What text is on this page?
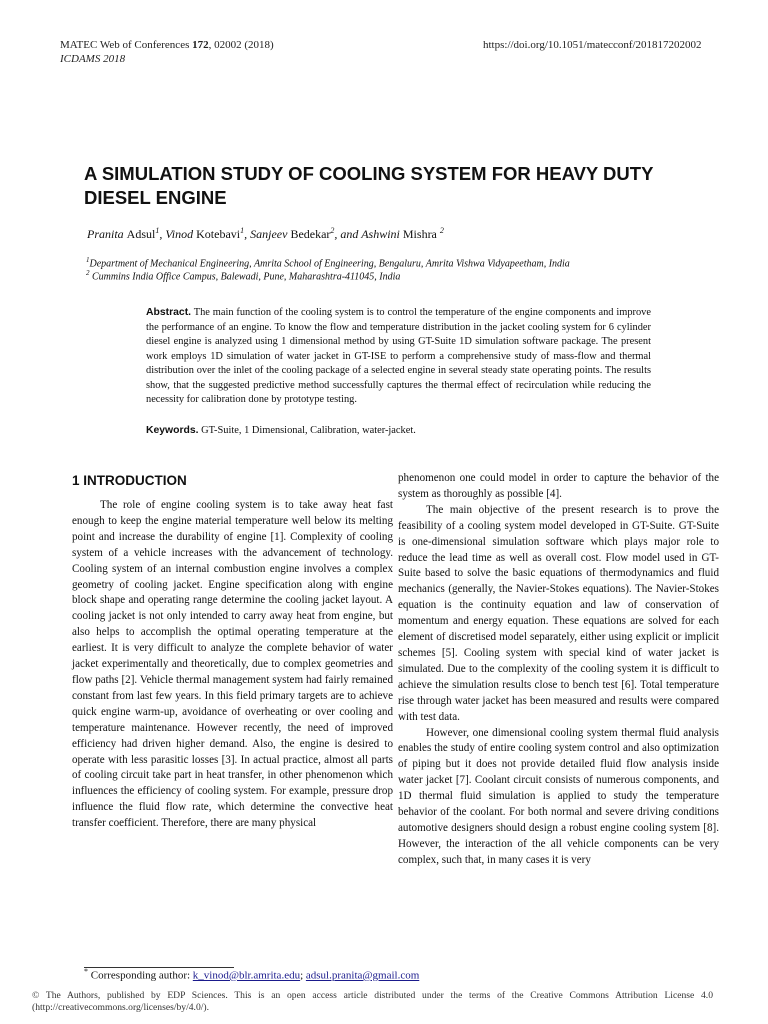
MATEC Web of Conferences 172, 02002 (2018)
ICDAMS 2018
https://doi.org/10.1051/matecconf/201817202002
A SIMULATION STUDY OF COOLING SYSTEM FOR HEAVY DUTY
DIESEL ENGINE
Pranita Adsul$^1$, Vinod Kotebavi$^1$, Sanjeev Bedekar$^2$, and Ashwini Mishra $^2$
$^1$Department of Mechanical Engineering, Amrita School of Engineering, Bengaluru, Amrita Vishwa Vidyapeetham, India
$^2$ Cummins India Office Campus, Balewadi, Pune, Maharashtra-411045, India
Abstract. The main function of the cooling system is to control the temperature of the engine components and improve the performance of an engine. To know the flow and temperature distribution in the jacket cooling system for 6 cylinder diesel engine is analyzed using 1 dimensional method by using GT-Suite 1D simulation software package. The present work employs 1D simulation of water jacket in GT-ISE to perform a comprehensive study of mass-flow and thermal distribution over the inlet of the cooling package of a selected engine in several steady state operating points. The results show, that the suggested predictive method successfully captures the thermal effect of recirculation while reducing the necessity for calibration done by prototype testing.
Keywords. GT-Suite, 1 Dimensional, Calibration, water-jacket.
1 INTRODUCTION

The role of engine cooling system is to take away heat fast enough to keep the engine material temperature well below its melting point and increase the durability of engine [1]. Complexity of cooling system of a vehicle increases with the advancement of technology. Cooling system of an internal combustion engine involves a complex geometry of cooling jacket. Engine specification along with engine block shape and operating range determine the cooling jacket layout. A cooling jacket is not only intended to carry away heat from engine, but also helps to accomplish the optimal operating temperature at the earliest. It is very difficult to analyze the complete behavior of water jacket experimentally and theoretically, due to complex geometries and flow paths [2]. Vehicle thermal management system had fairly remained constant from last few years. In this field primary targets are to achieve quick engine warm-up, avoidance of overheating or over cooling and temperature maintenance. However recently, the need of improved efficiency had driven higher demand. Also, the engine is desired to operate with less parasitic losses [3]. In actual practice, almost all parts of cooling circuit take part in heat transfer, in other phenomenon which influences the efficiency of cooling system. For example, pressure drop influence the fluid flow rate, which determine the convective heat transfer coefficient. Therefore, there are many physical

phenomenon one could model in order to capture the behavior of the system as thoroughly as possible [4].

The main objective of the present research is to prove the feasibility of a cooling system model developed in GT-Suite. GT-Suite is one-dimensional simulation software which plays major role to reduce the lead time as well as overall cost. Flow model used in GT-Suite based to solve the basic equations of thermodynamics and fluid mechanics (generally, the Navier-Stokes equations). The Navier-Stokes equation is the continuity equation and law of conservation of momentum and energy equation. These equations are solved for each element of discretised model separately, either using explicit or implicit schemes [5]. Cooling system with special kind of water jacket is simulated. Due to the complexity of the cooling system it is difficult to achieve the simulation results close to bench test [6]. Total temperature rise through water jacket has been measured and results were compared with test data.

However, one dimensional cooling system thermal fluid analysis enables the study of entire cooling system control and also optimization of piping but it does not provide detailed fluid flow analysis inside water jacket [7]. Coolant circuit consists of numerous components, and 1D thermal fluid simulation is applied to study the temperature behavior of the coolant. For both normal and severe driving conditions automotive designers should design a robust engine cooling system [8]. However, the interaction of the all vehicle components can be very complex, such that, in many cases it is very

* Corresponding author: k_vinod@blr.amrita.edu; adsul.pranita@gmail.com
© The Authors, published by EDP Sciences. This is an open access article distributed under the terms of the Creative Commons Attribution License 4.0 (http://creativecommons.org/licenses/by/4.0/).
